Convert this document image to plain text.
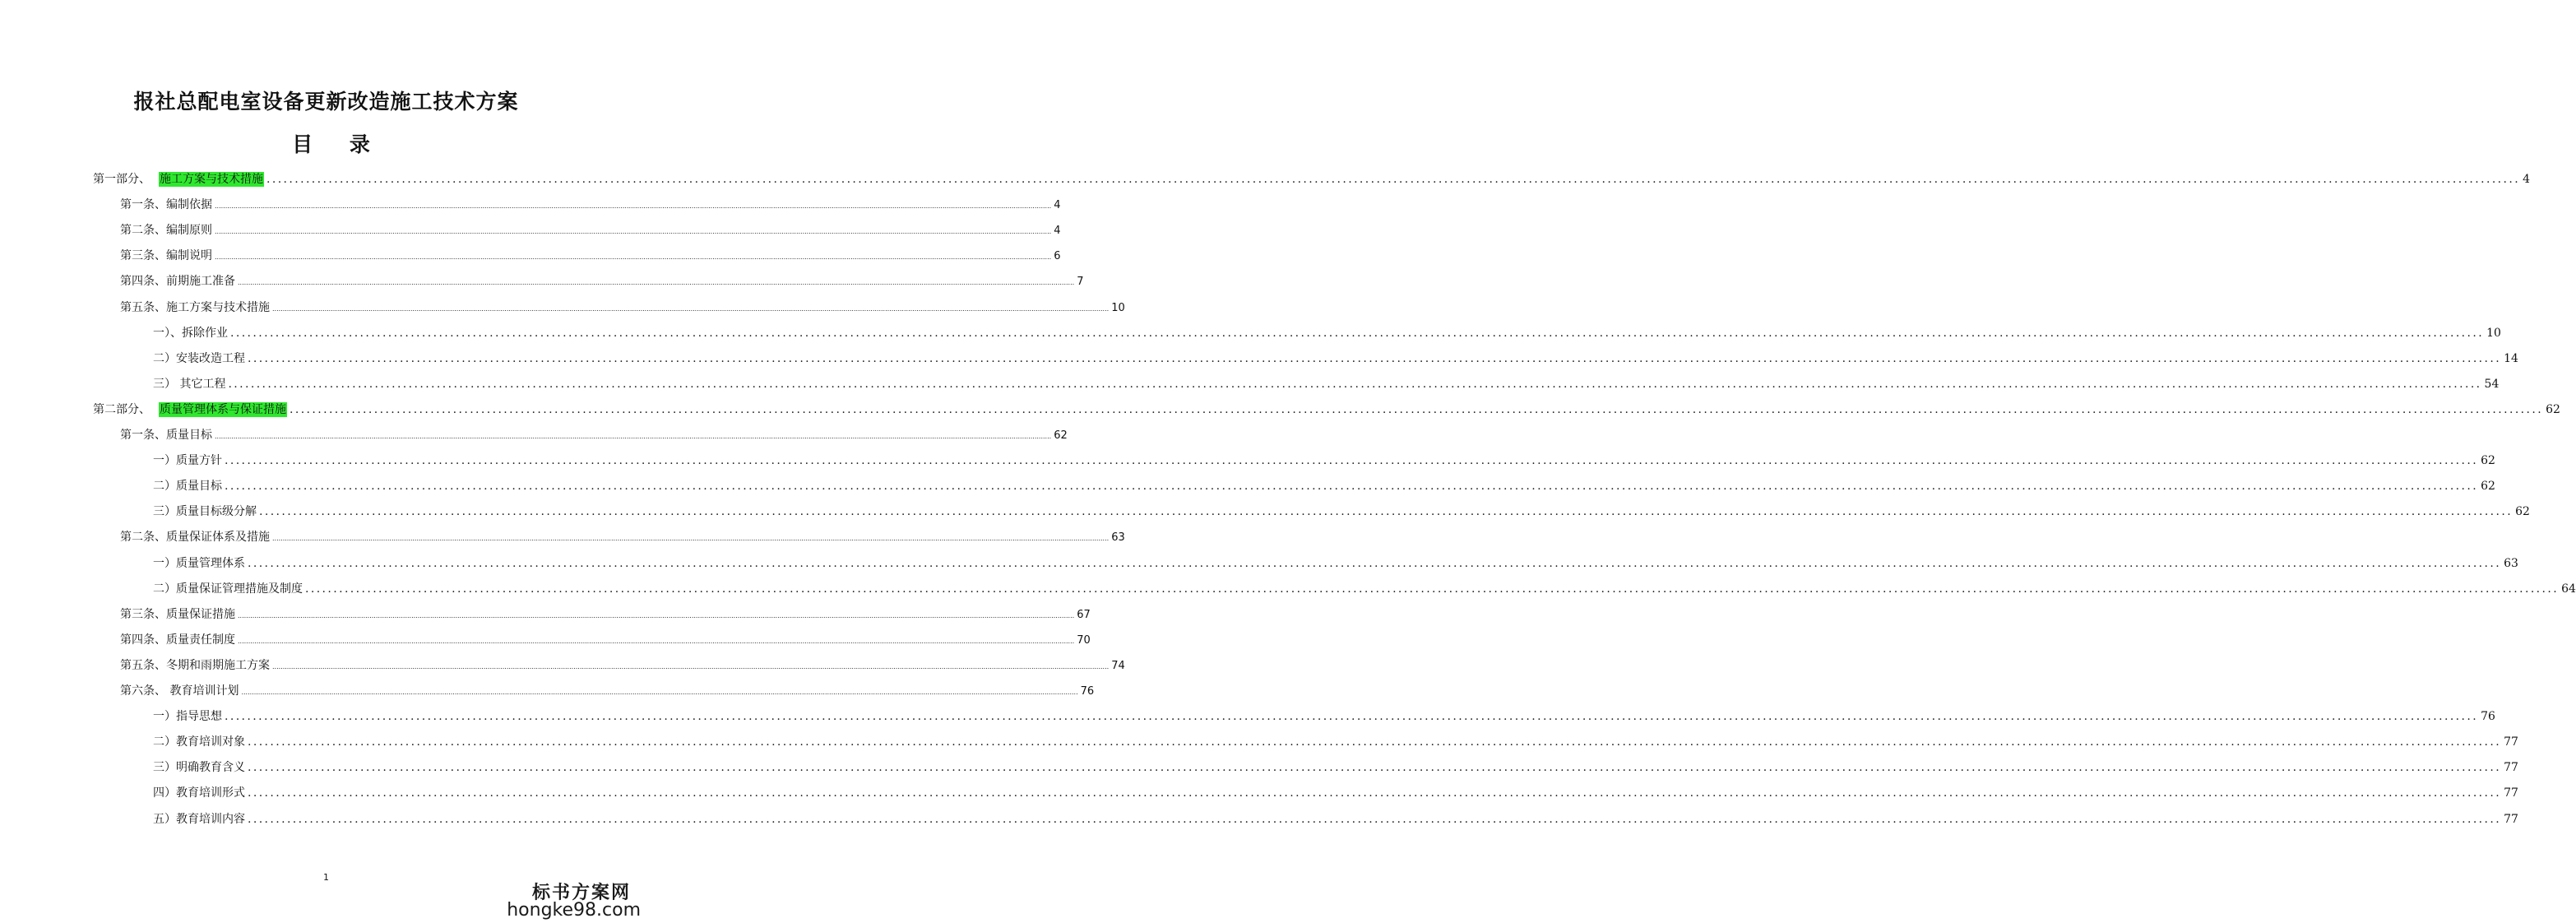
报社总配电室设备更新改造施工技术方案
目 录
第一部分、 施工方案与技术措施 ................................................................................................................................................................................................................................................................................................................................................................................................................ 4
第一条、编制依据 ................................................................................................................................................................................................................................................................................................................................................................................................................ 4
第二条、编制原则 ................................................................................................................................................................................................................................................................................................................................................................................................................ 4
第三条、编制说明 ................................................................................................................................................................................................................................................................................................................................................................................................................ 6
第四条、前期施工准备 ................................................................................................................................................................................................................................................................................................................................................................................................................ 7
第五条、施工方案与技术措施 ................................................................................................................................................................................................................................................................................................................................................................................................................ 10
一）、拆除作业 ................................................................................................................................................................................................................................................................................................................................................................................................................ 10
二）安装改造工程 ................................................................................................................................................................................................................................................................................................................................................................................................................ 14
三） 其它工程 ................................................................................................................................................................................................................................................................................................................................................................................................................ 54
第二部分、 质量管理体系与保证措施 ................................................................................................................................................................................................................................................................................................................................................................................................................ 62
第一条、质量目标 ................................................................................................................................................................................................................................................................................................................................................................................................................ 62
一）质量方针 ................................................................................................................................................................................................................................................................................................................................................................................................................ 62
二）质量目标 ................................................................................................................................................................................................................................................................................................................................................................................................................ 62
三）质量目标级分解 ................................................................................................................................................................................................................................................................................................................................................................................................................ 62
第二条、质量保证体系及措施 ................................................................................................................................................................................................................................................................................................................................................................................................................ 63
一）质量管理体系 ................................................................................................................................................................................................................................................................................................................................................................................................................ 63
二）质量保证管理措施及制度 ................................................................................................................................................................................................................................................................................................................................................................................................................ 64
第三条、质量保证措施 ................................................................................................................................................................................................................................................................................................................................................................................................................ 67
第四条、质量责任制度 ................................................................................................................................................................................................................................................................................................................................................................................................................ 70
第五条、冬期和雨期施工方案 ................................................................................................................................................................................................................................................................................................................................................................................................................ 74
第六条、 教育培训计划 ................................................................................................................................................................................................................................................................................................................................................................................................................ 76
一）指导思想 ................................................................................................................................................................................................................................................................................................................................................................................................................ 76
二）教育培训对象 ................................................................................................................................................................................................................................................................................................................................................................................................................ 77
三）明确教育含义 ................................................................................................................................................................................................................................................................................................................................................................................................................ 77
四）教育培训形式 ................................................................................................................................................................................................................................................................................................................................................................................................................ 77
五）教育培训内容 ................................................................................................................................................................................................................................................................................................................................................................................................................ 77
1
标书方案网
hongke98.com
